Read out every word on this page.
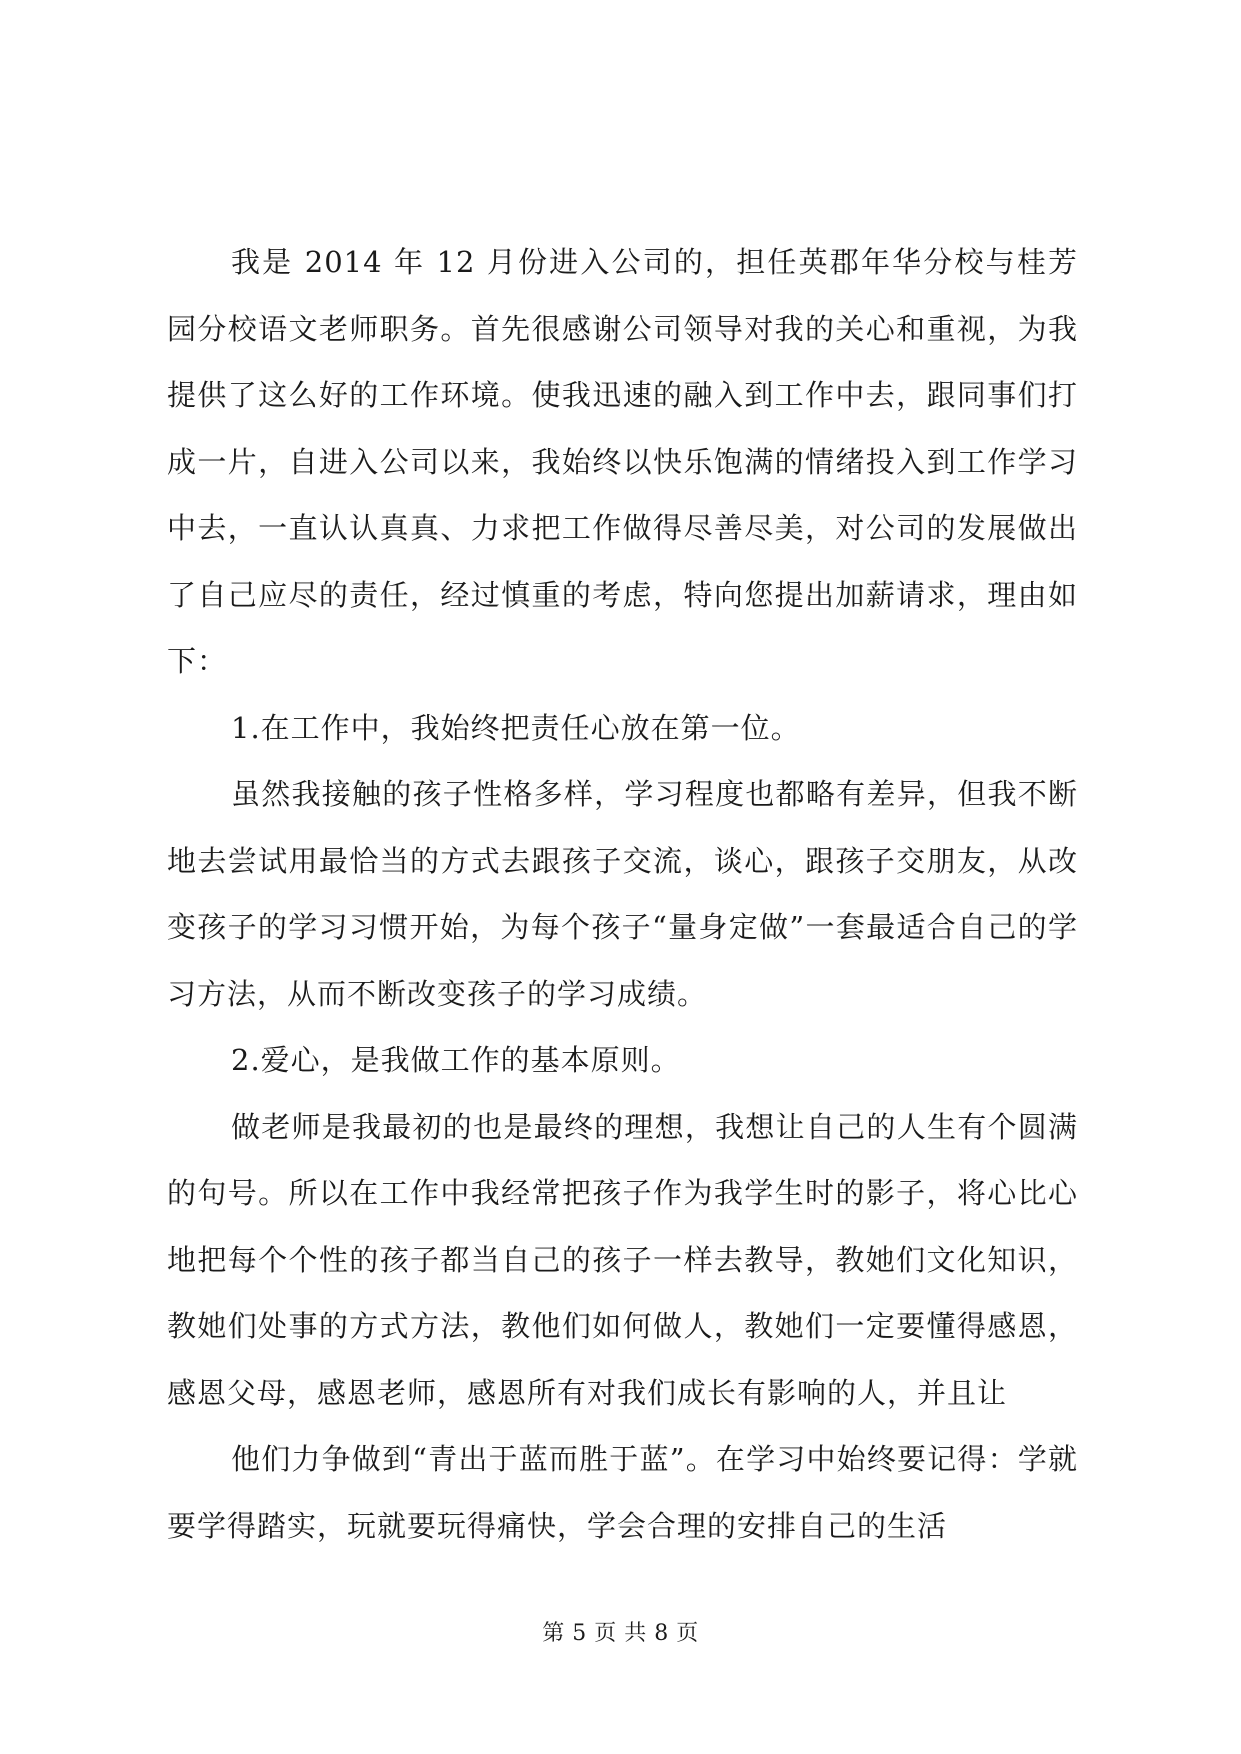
我是 2014 年 12 月份进入公司的，担任英郡年华分校与桂芳园分校语文老师职务。首先很感谢公司领导对我的关心和重视，为我提供了这么好的工作环境。使我迅速的融入到工作中去，跟同事们打成一片，自进入公司以来，我始终以快乐饱满的情绪投入到工作学习中去，一直认认真真、力求把工作做得尽善尽美，对公司的发展做出了自己应尽的责任，经过慎重的考虑，特向您提出加薪请求，理由如下：

1.在工作中，我始终把责任心放在第一位。

虽然我接触的孩子性格多样，学习程度也都略有差异，但我不断地去尝试用最恰当的方式去跟孩子交流，谈心，跟孩子交朋友，从改变孩子的学习习惯开始，为每个孩子“量身定做”一套最适合自己的学习方法，从而不断改变孩子的学习成绩。

2.爱心，是我做工作的基本原则。

做老师是我最初的也是最终的理想，我想让自己的人生有个圆满的句号。所以在工作中我经常把孩子作为我学生时的影子，将心比心地把每个个性的孩子都当自己的孩子一样去教导，教她们文化知识，教她们处事的方式方法，教他们如何做人，教她们一定要懂得感恩，感恩父母，感恩老师，感恩所有对我们成长有影响的人，并且让

他们力争做到“青出于蓝而胜于蓝”。在学习中始终要记得：学就要学得踏实，玩就要玩得痛快，学会合理的安排自己的生活

第 5 页 共 8 页
